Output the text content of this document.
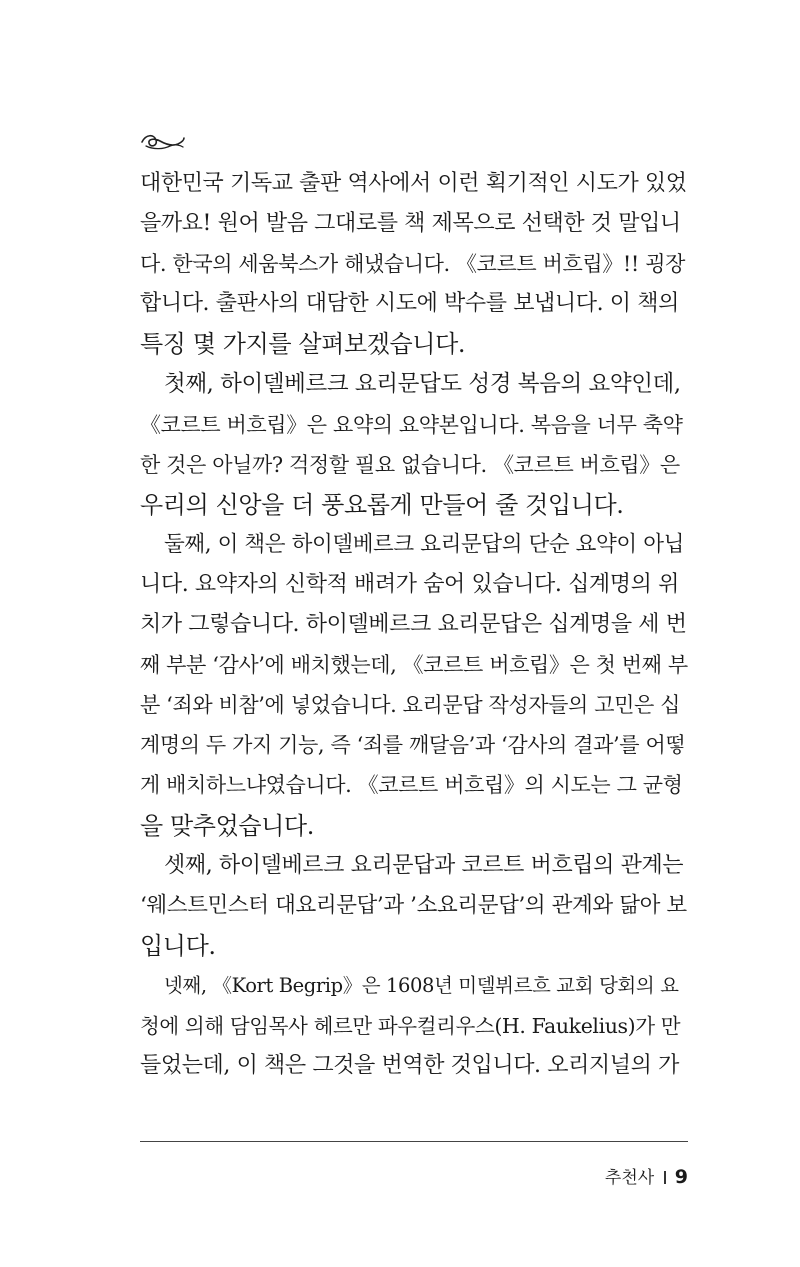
대한민국 기독교 출판 역사에서 이런 획기적인 시도가 있었
을까요! 원어 발음 그대로를 책 제목으로 선택한 것 말입니
다. 한국의 세움북스가 해냈습니다. 《코르트 버흐립》!! 굉장
합니다. 출판사의 대담한 시도에 박수를 보냅니다. 이 책의
특징 몇 가지를 살펴보겠습니다.
첫째, 하이델베르크 요리문답도 성경 복음의 요약인데,
《코르트 버흐립》은 요약의 요약본입니다. 복음을 너무 축약
한 것은 아닐까? 걱정할 필요 없습니다. 《코르트 버흐립》은
우리의 신앙을 더 풍요롭게 만들어 줄 것입니다.
둘째, 이 책은 하이델베르크 요리문답의 단순 요약이 아닙
니다. 요약자의 신학적 배려가 숨어 있습니다. 십계명의 위
치가 그렇습니다. 하이델베르크 요리문답은 십계명을 세 번
째 부분 ‘감사’에 배치했는데, 《코르트 버흐립》은 첫 번째 부
분 ‘죄와 비참’에 넣었습니다. 요리문답 작성자들의 고민은 십
계명의 두 가지 기능, 즉 ‘죄를 깨달음’과 ‘감사의 결과’를 어떻
게 배치하느냐였습니다. 《코르트 버흐립》의 시도는 그 균형
을 맞추었습니다.
셋째, 하이델베르크 요리문답과 코르트 버흐립의 관계는
‘웨스트민스터 대요리문답’과 ’소요리문답’의 관계와 닮아 보
입니다.
넷째, 《Kort Begrip》은 1608년 미델뷔르흐 교회 당회의 요
청에 의해 담임목사 헤르만 파우컬리우스(H. Faukelius)가 만
들었는데, 이 책은 그것을 번역한 것입니다. 오리지널의 가
추천사 9
